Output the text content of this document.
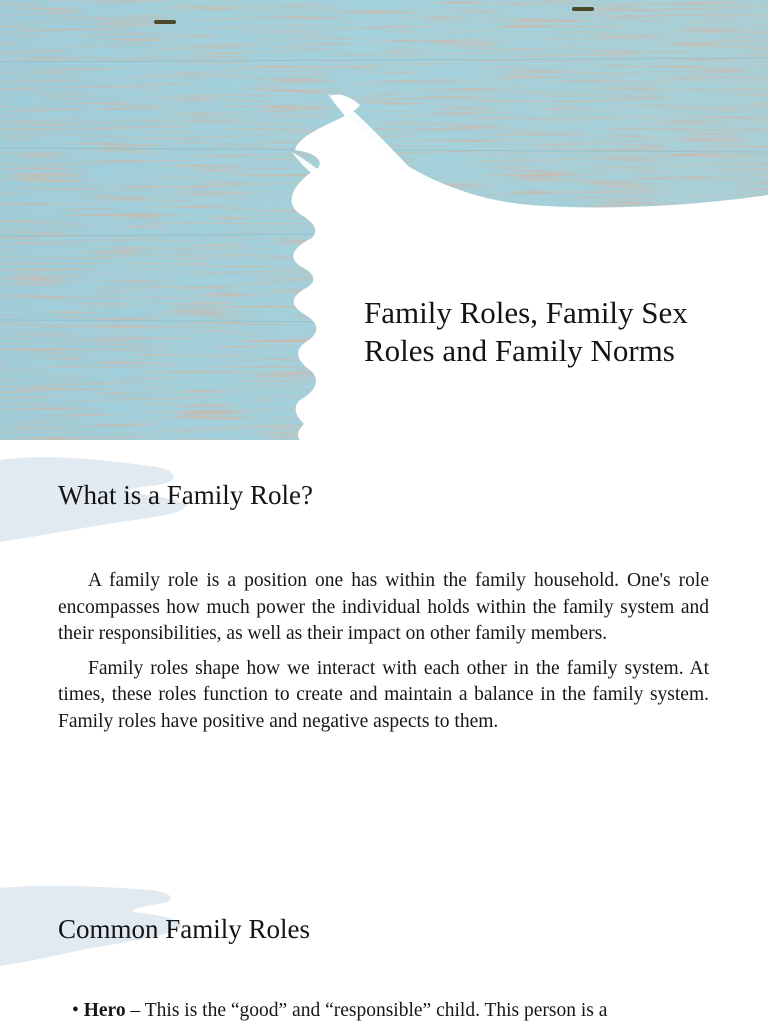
Family Roles, Family Sex Roles and Family Norms
What is a Family Role?

A family role is a position one has within the family household. One's role encompasses how much power the individual holds within the family system and their responsibilities, as well as their impact on other family members.

Family roles shape how we interact with each other in the family system. At times, these roles function to create and maintain a balance in the family system. Family roles have positive and negative aspects to them.

Common Family Roles
• Hero – This is the “good” and “responsible” child. This person is a
